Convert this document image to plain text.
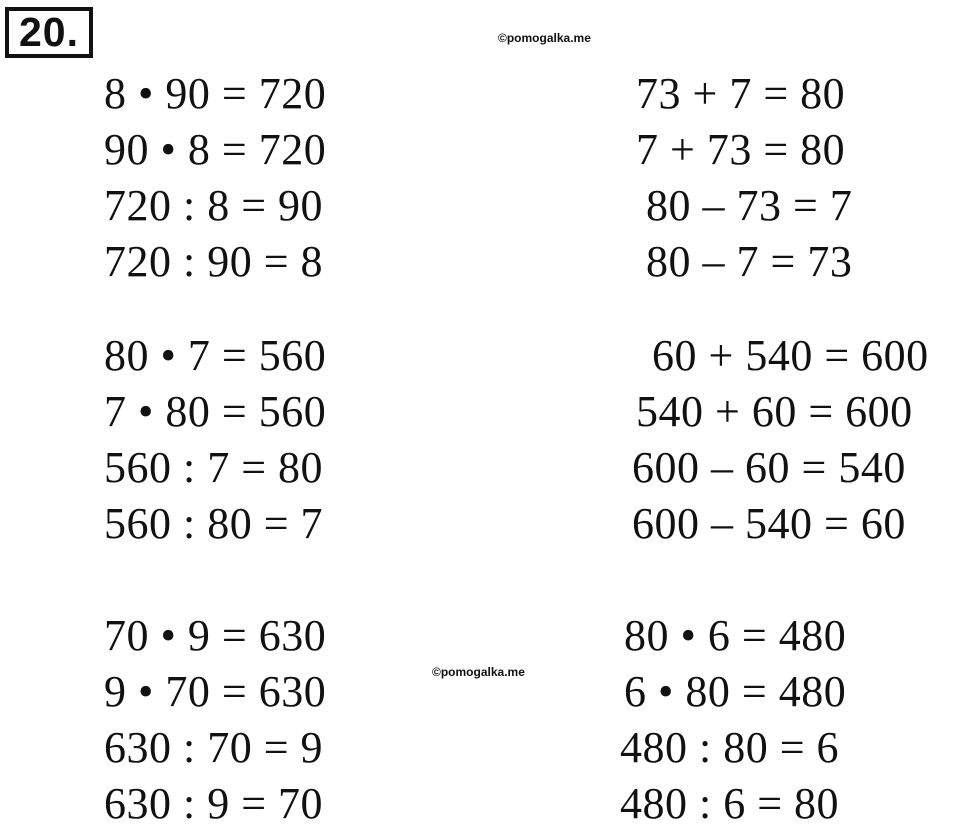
20.	©pomogalka.me
©pomogalka.me
8 • 90 = 720
90 • 8 = 720
720 : 8 = 90
720 : 90 = 8
73 + 7 = 80
7 + 73 = 80
80 – 73 = 7
80 – 7 = 73
80 • 7 = 560
7 • 80 = 560
560 : 7 = 80
560 : 80 = 7
60 + 540 = 600
540 + 60 = 600
600 – 60 = 540
600 – 540 = 60
70 • 9 = 630
9 • 70 = 630
630 : 70 = 9
630 : 9 = 70
80 • 6 = 480
6 • 80 = 480
480 : 80 = 6
480 : 6 = 80
